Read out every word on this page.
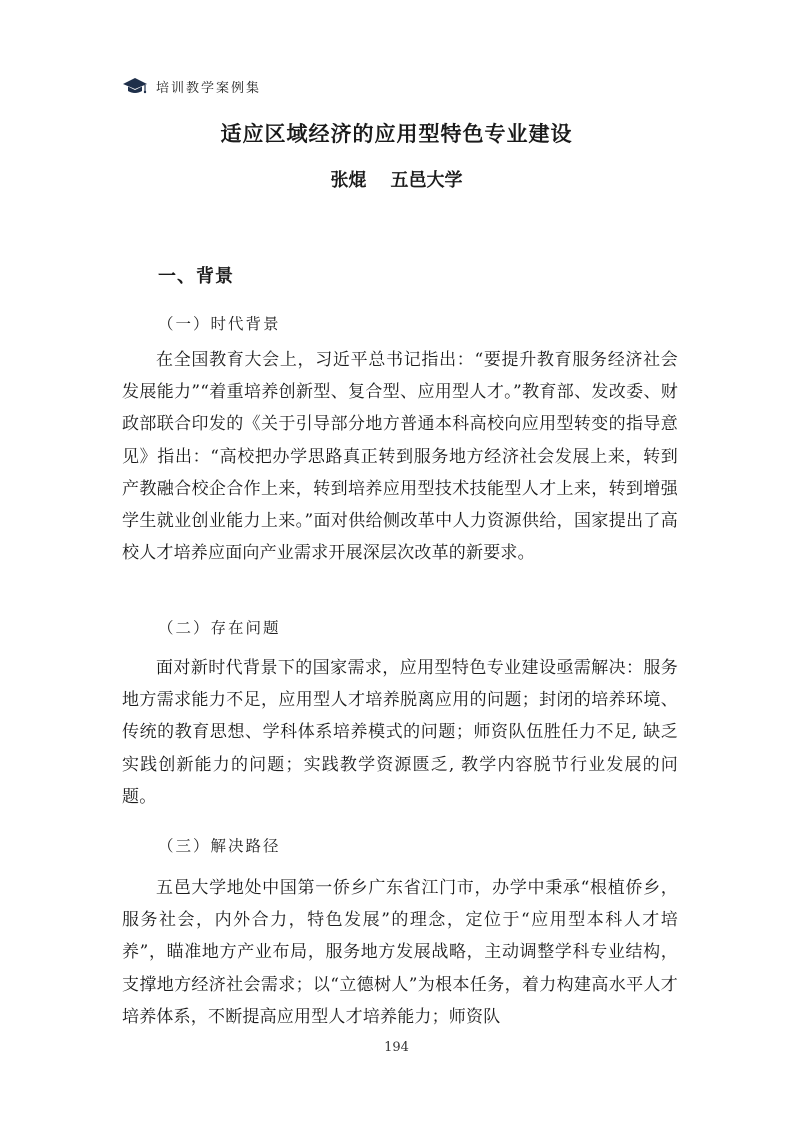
培训教学案例集
适应区域经济的应用型特色专业建设
张焜 五邑大学
一、背景
（一）时代背景
在全国教育大会上，习近平总书记指出：“要提升教育服务经济社会发展能力”“着重培养创新型、复合型、应用型人才。”教育部、发改委、财政部联合印发的《关于引导部分地方普通本科高校向应用型转变的指导意见》指出：“高校把办学思路真正转到服务地方经济社会发展上来，转到产教融合校企合作上来，转到培养应用型技术技能型人才上来，转到增强学生就业创业能力上来。”面对供给侧改革中人力资源供给，国家提出了高校人才培养应面向产业需求开展深层次改革的新要求。
（二）存在问题
面对新时代背景下的国家需求，应用型特色专业建设亟需解决：服务地方需求能力不足，应用型人才培养脱离应用的问题；封闭的培养环境、传统的教育思想、学科体系培养模式的问题；师资队伍胜任力不足, 缺乏实践创新能力的问题；实践教学资源匮乏, 教学内容脱节行业发展的问题。
（三）解决路径
五邑大学地处中国第一侨乡广东省江门市，办学中秉承“根植侨乡，服务社会，内外合力，特色发展”的理念，定位于“应用型本科人才培养”，瞄准地方产业布局，服务地方发展战略，主动调整学科专业结构，支撑地方经济社会需求；以“立德树人”为根本任务，着力构建高水平人才培养体系，不断提高应用型人才培养能力；师资队
194
